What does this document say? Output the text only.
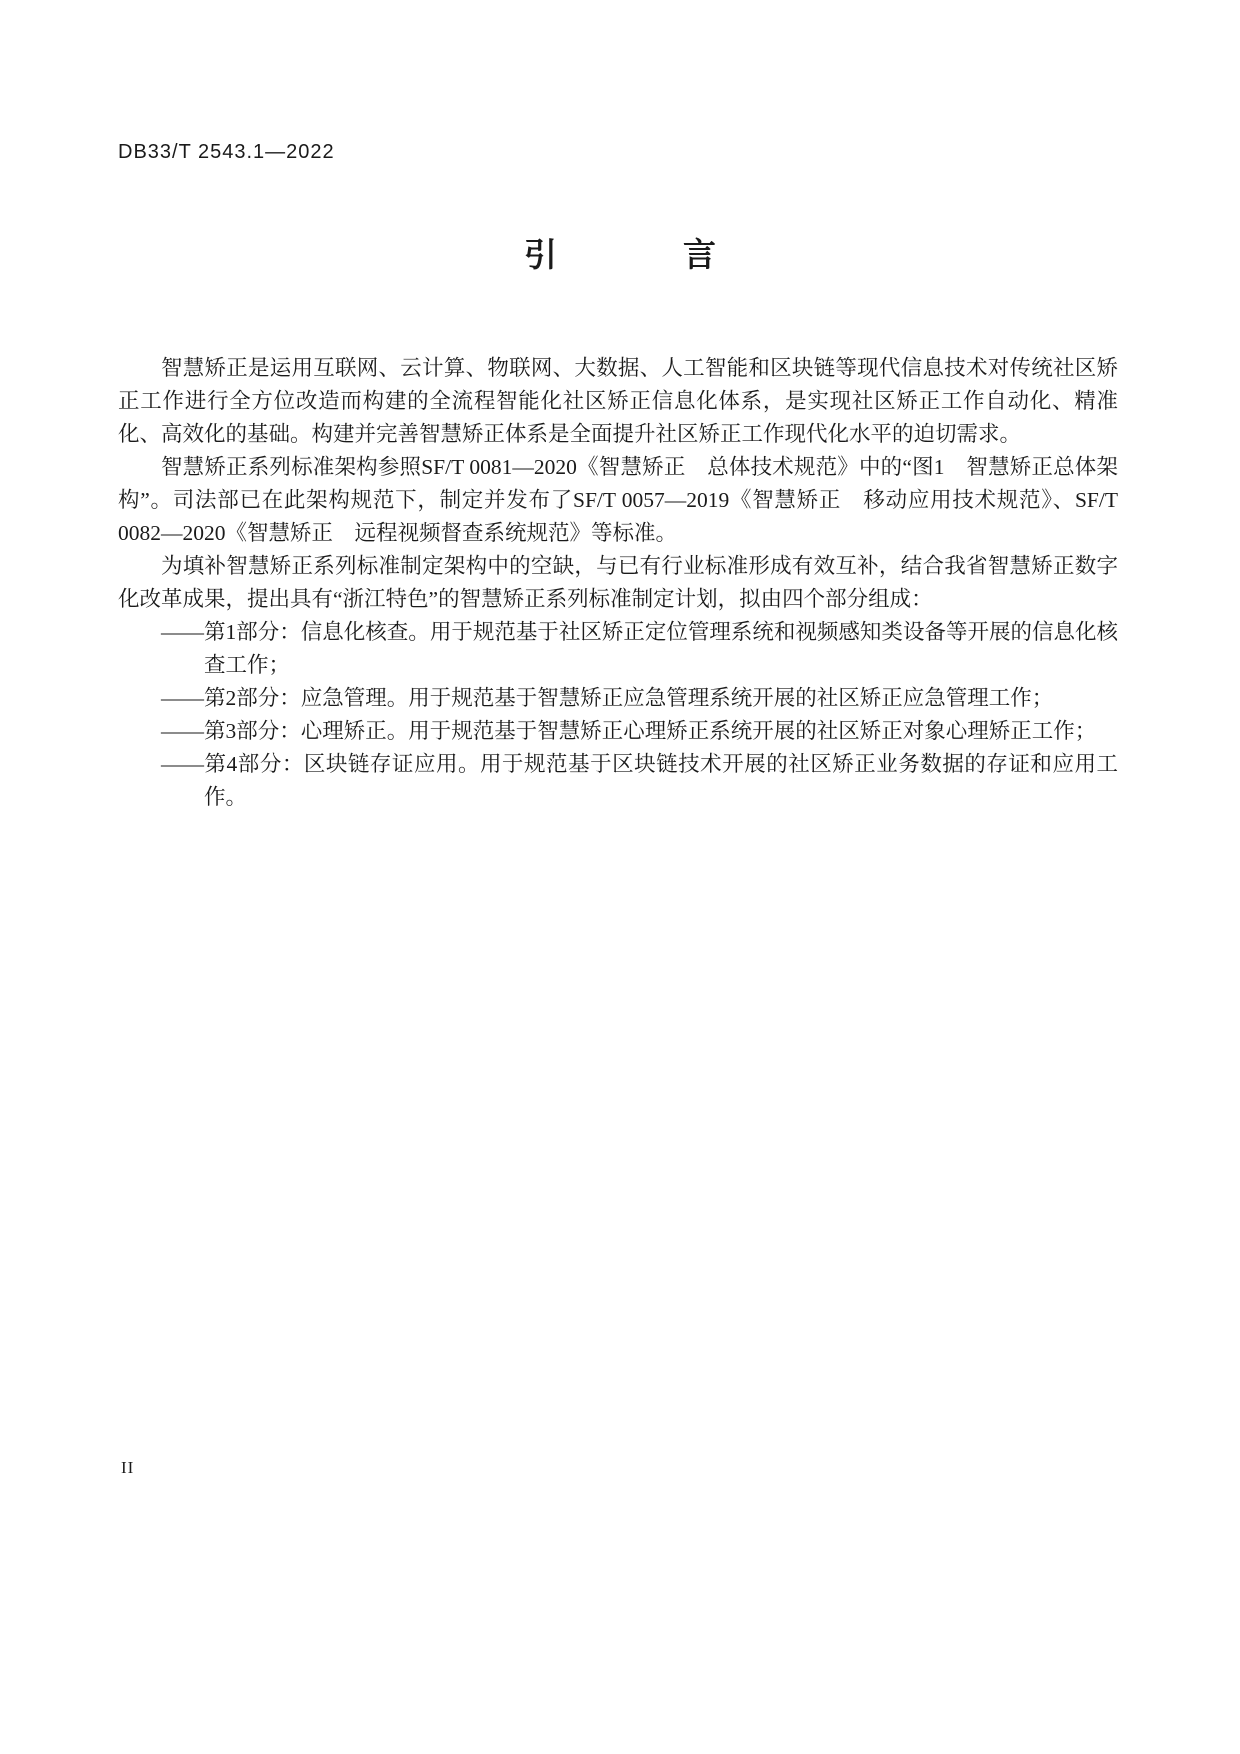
DB33/T 2543.1—2022
引	言

智慧矫正是运用互联网、云计算、物联网、大数据、人工智能和区块链等现代信息技术对传统社区矫正工作进行全方位改造而构建的全流程智能化社区矫正信息化体系，是实现社区矫正工作自动化、精准化、高效化的基础。构建并完善智慧矫正体系是全面提升社区矫正工作现代化水平的迫切需求。

智慧矫正系列标准架构参照SF/T 0081—2020《智慧矫正　总体技术规范》中的“图1　智慧矫正总体架构”。司法部已在此架构规范下，制定并发布了SF/T 0057—2019《智慧矫正　移动应用技术规范》、SF/T 0082—2020《智慧矫正　远程视频督查系统规范》等标准。

为填补智慧矫正系列标准制定架构中的空缺，与已有行业标准形成有效互补，结合我省智慧矫正数字化改革成果，提出具有“浙江特色”的智慧矫正系列标准制定计划，拟由四个部分组成：

——第1部分：信息化核查。用于规范基于社区矫正定位管理系统和视频感知类设备等开展的信息化核查工作；

——第2部分：应急管理。用于规范基于智慧矫正应急管理系统开展的社区矫正应急管理工作；

——第3部分：心理矫正。用于规范基于智慧矫正心理矫正系统开展的社区矫正对象心理矫正工作；

——第4部分：区块链存证应用。用于规范基于区块链技术开展的社区矫正业务数据的存证和应用工作。

II
